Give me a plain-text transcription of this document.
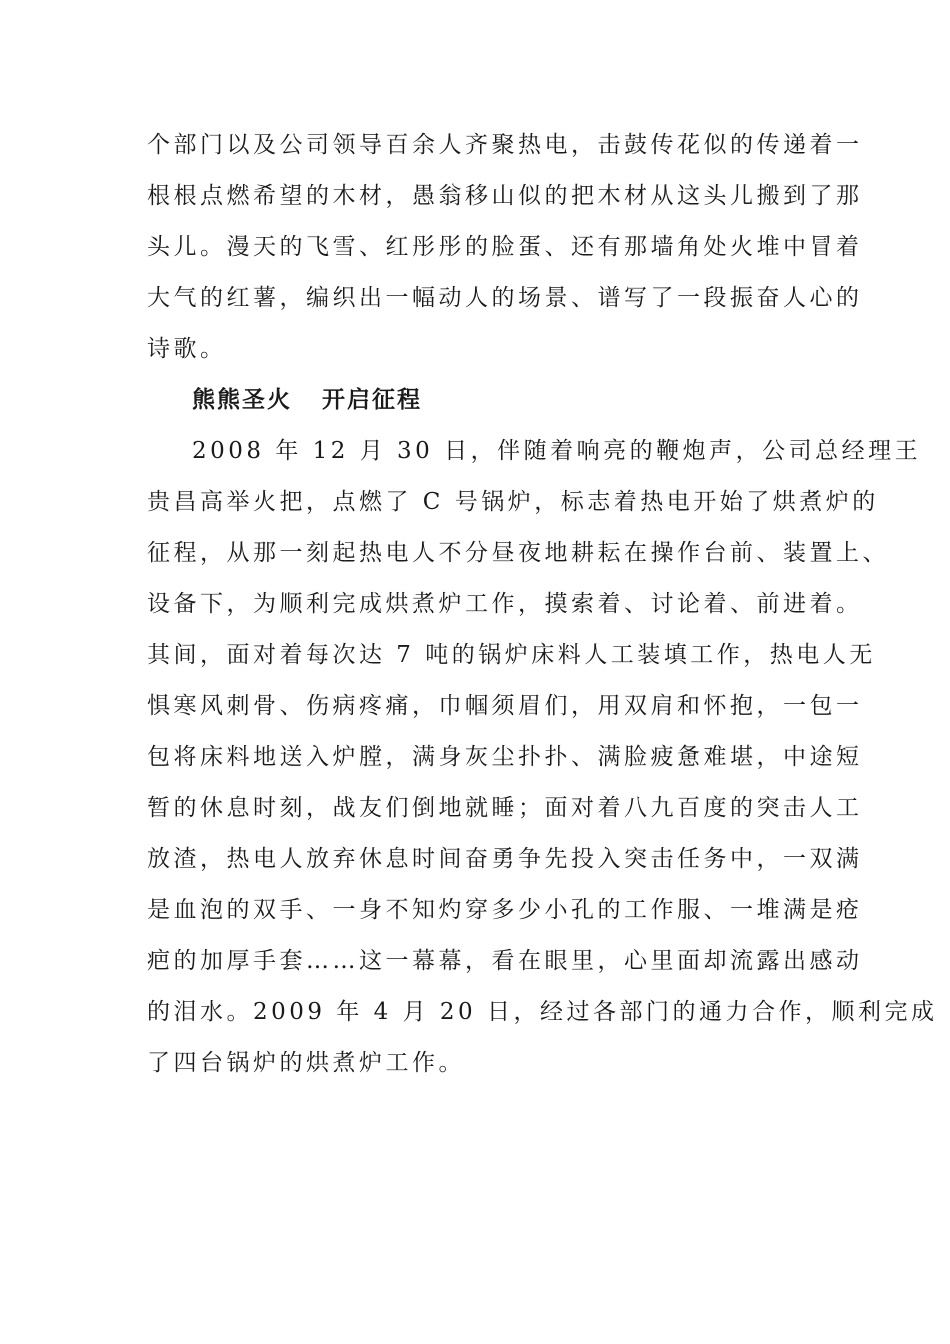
个部门以及公司领导百余人齐聚热电，击鼓传花似的传递着一
根根点燃希望的木材，愚翁移山似的把木材从这头儿搬到了那
头儿。漫天的飞雪、红彤彤的脸蛋、还有那墙角处火堆中冒着
大气的红薯，编织出一幅动人的场景、谱写了一段振奋人心的
诗歌。
熊熊圣火   开启征程
2008 年 12 月 30 日，伴随着响亮的鞭炮声，公司总经理王
贵昌高举火把，点燃了 C 号锅炉，标志着热电开始了烘煮炉的
征程，从那一刻起热电人不分昼夜地耕耘在操作台前、装置上、
设备下，为顺利完成烘煮炉工作，摸索着、讨论着、前进着。
其间，面对着每次达 7 吨的锅炉床料人工装填工作，热电人无
惧寒风刺骨、伤病疼痛，巾帼须眉们，用双肩和怀抱，一包一
包将床料地送入炉膛，满身灰尘扑扑、满脸疲惫难堪，中途短
暂的休息时刻，战友们倒地就睡；面对着八九百度的突击人工
放渣，热电人放弃休息时间奋勇争先投入突击任务中，一双满
是血泡的双手、一身不知灼穿多少小孔的工作服、一堆满是疮
疤的加厚手套……这一幕幕，看在眼里，心里面却流露出感动
的泪水。2009 年 4 月 20 日，经过各部门的通力合作，顺利完成
了四台锅炉的烘煮炉工作。
